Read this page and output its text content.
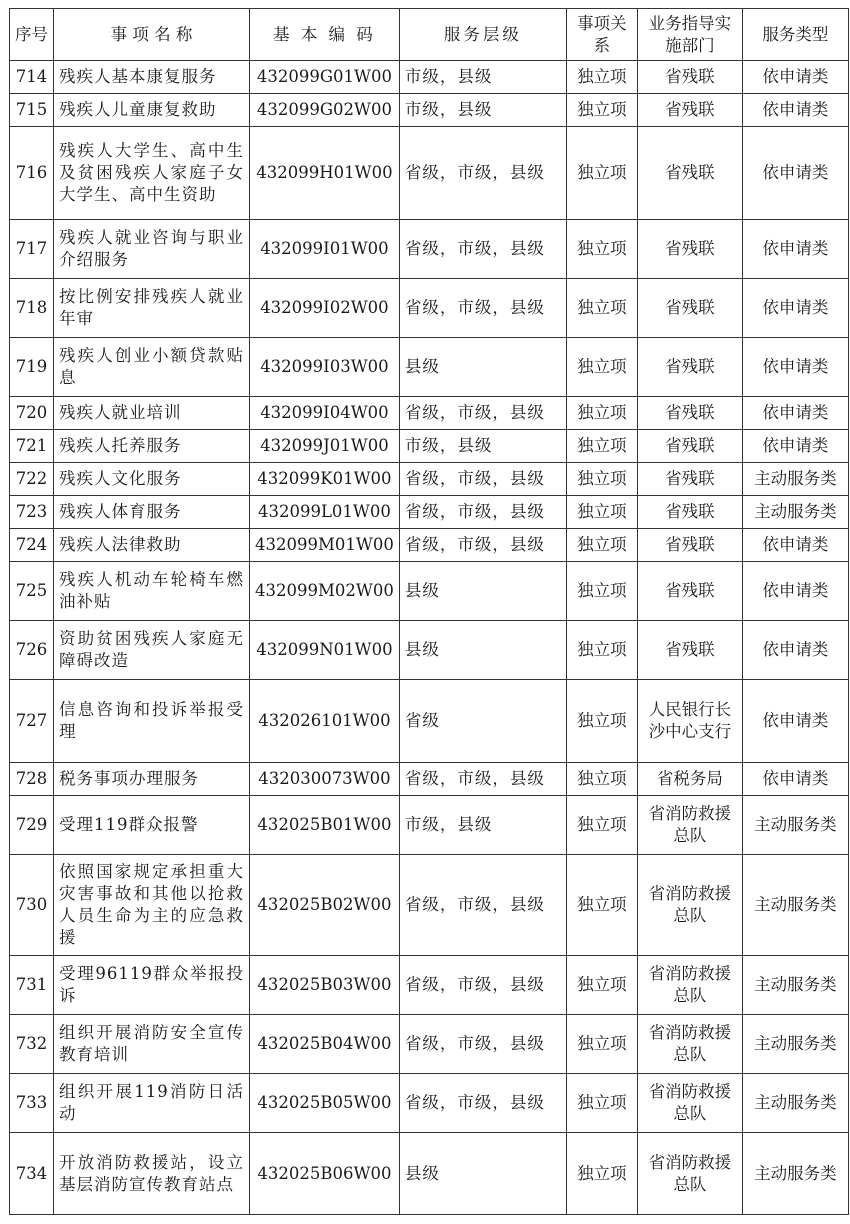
序号	事 项 名 称	基 本 编 码	服务层级	事项关系	业务指导实施部门	服务类型
714	残疾人基本康复服务	432099G01W00	市级，县级	独立项	省残联	依申请类
715	残疾人儿童康复救助	432099G02W00	市级，县级	独立项	省残联	依申请类
716	残疾人大学生、高中生及贫困残疾人家庭子女大学生、高中生资助	432099H01W00	省级，市级，县级	独立项	省残联	依申请类
717	残疾人就业咨询与职业介绍服务	432099I01W00	省级，市级，县级	独立项	省残联	依申请类
718	按比例安排残疾人就业年审	432099I02W00	省级，市级，县级	独立项	省残联	依申请类
719	残疾人创业小额贷款贴息	432099I03W00	县级	独立项	省残联	依申请类
720	残疾人就业培训	432099I04W00	省级，市级，县级	独立项	省残联	依申请类
721	残疾人托养服务	432099J01W00	市级，县级	独立项	省残联	依申请类
722	残疾人文化服务	432099K01W00	省级，市级，县级	独立项	省残联	主动服务类
723	残疾人体育服务	432099L01W00	省级，市级，县级	独立项	省残联	主动服务类
724	残疾人法律救助	432099M01W00	省级，市级，县级	独立项	省残联	依申请类
725	残疾人机动车轮椅车燃油补贴	432099M02W00	县级	独立项	省残联	依申请类
726	资助贫困残疾人家庭无障碍改造	432099N01W00	县级	独立项	省残联	依申请类
727	信息咨询和投诉举报受理	432026101W00	省级	独立项	人民银行长沙中心支行	依申请类
728	税务事项办理服务	432030073W00	省级，市级，县级	独立项	省税务局	依申请类
729	受理119群众报警	432025B01W00	市级，县级	独立项	省消防救援总队	主动服务类
730	依照国家规定承担重大灾害事故和其他以抢救人员生命为主的应急救援	432025B02W00	省级，市级，县级	独立项	省消防救援总队	主动服务类
731	受理96119群众举报投诉	432025B03W00	省级，市级，县级	独立项	省消防救援总队	主动服务类
732	组织开展消防安全宣传教育培训	432025B04W00	省级，市级，县级	独立项	省消防救援总队	主动服务类
733	组织开展119消防日活动	432025B05W00	省级，市级，县级	独立项	省消防救援总队	主动服务类
734	开放消防救援站，设立基层消防宣传教育站点	432025B06W00	县级	独立项	省消防救援总队	主动服务类
